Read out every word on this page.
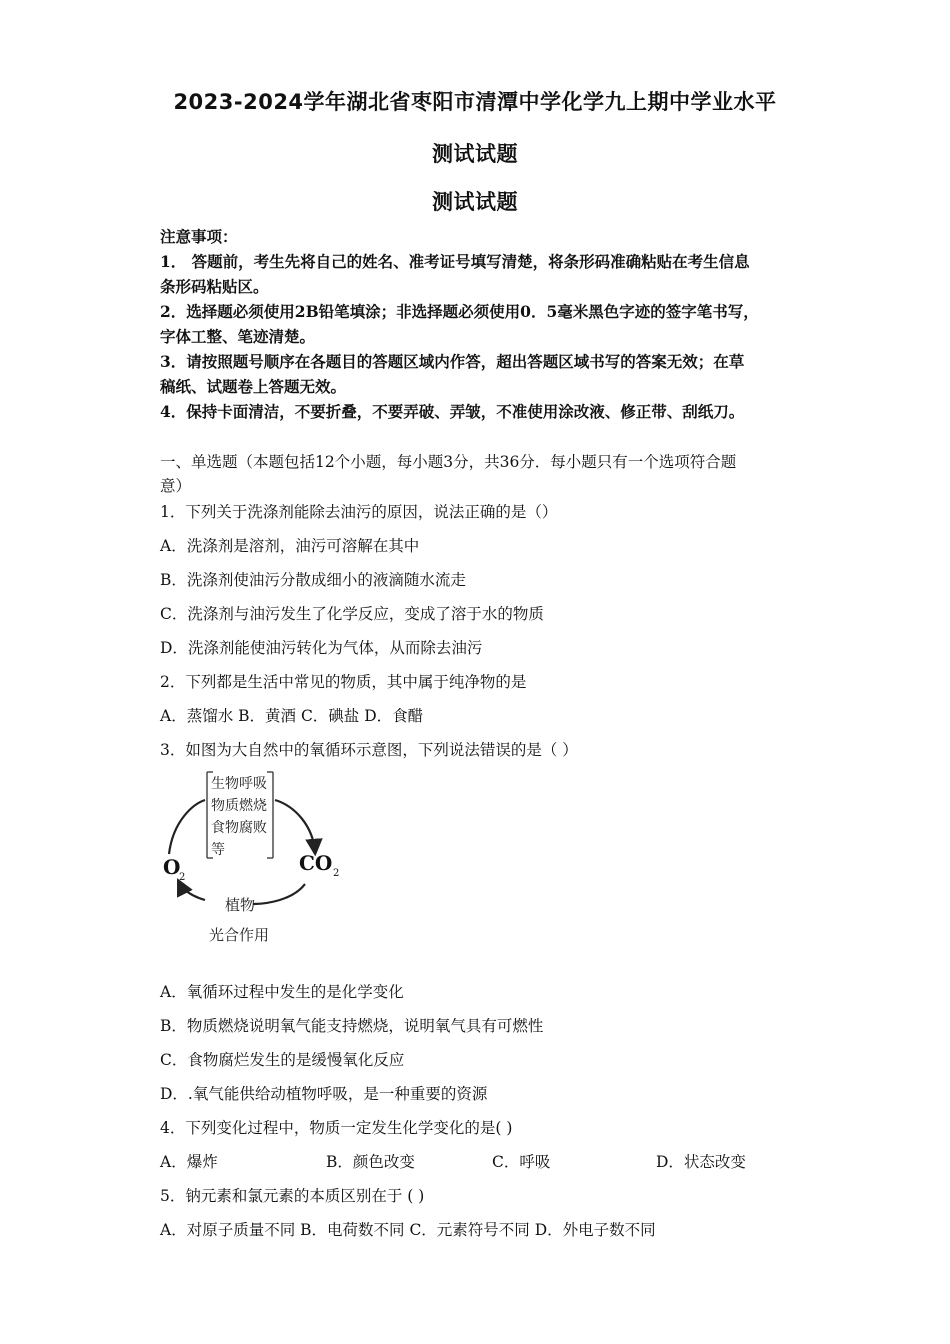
2023-2024学年湖北省枣阳市清潭中学化学九上期中学业水平
测试试题
测试试题
注意事项：
1． 答题前，考生先将自己的姓名、准考证号填写清楚，将条形码准确粘贴在考生信息
条形码粘贴区。
2．选择题必须使用2B铅笔填涂；非选择题必须使用0．5毫米黑色字迹的签字笔书写，
字体工整、笔迹清楚。
3．请按照题号顺序在各题目的答题区域内作答，超出答题区域书写的答案无效；在草
稿纸、试题卷上答题无效。
4．保持卡面清洁，不要折叠，不要弄破、弄皱，不准使用涂改液、修正带、刮纸刀。
一、单选题（本题包括12个小题，每小题3分，共36分．每小题只有一个选项符合题
意）
1．下列关于洗涤剂能除去油污的原因，说法正确的是（）
A．洗涤剂是溶剂，油污可溶解在其中
B．洗涤剂使油污分散成细小的液滴随水流走
C．洗涤剂与油污发生了化学反应，变成了溶于水的物质
D．洗涤剂能使油污转化为气体，从而除去油污
2．下列都是生活中常见的物质，其中属于纯净物的是
A．蒸馏水 B．黄酒 C．碘盐 D．食醋
3．如图为大自然中的氧循环示意图，下列说法错误的是（ ）
生物呼吸
物质燃烧
食物腐败
等
O
2
CO 2
植物
光合作用
A．氧循环过程中发生的是化学变化
B．物质燃烧说明氧气能支持燃烧，说明氧气具有可燃性
C．食物腐烂发生的是缓慢氧化反应
D．.氧气能供给动植物呼吸，是一种重要的资源
4．下列变化过程中，物质一定发生化学变化的是( )
A．爆炸	B．颜色改变	C．呼吸	D．状态改变
5．钠元素和氯元素的本质区别在于 ( )
A．对原子质量不同 B．电荷数不同 C．元素符号不同 D．外电子数不同
